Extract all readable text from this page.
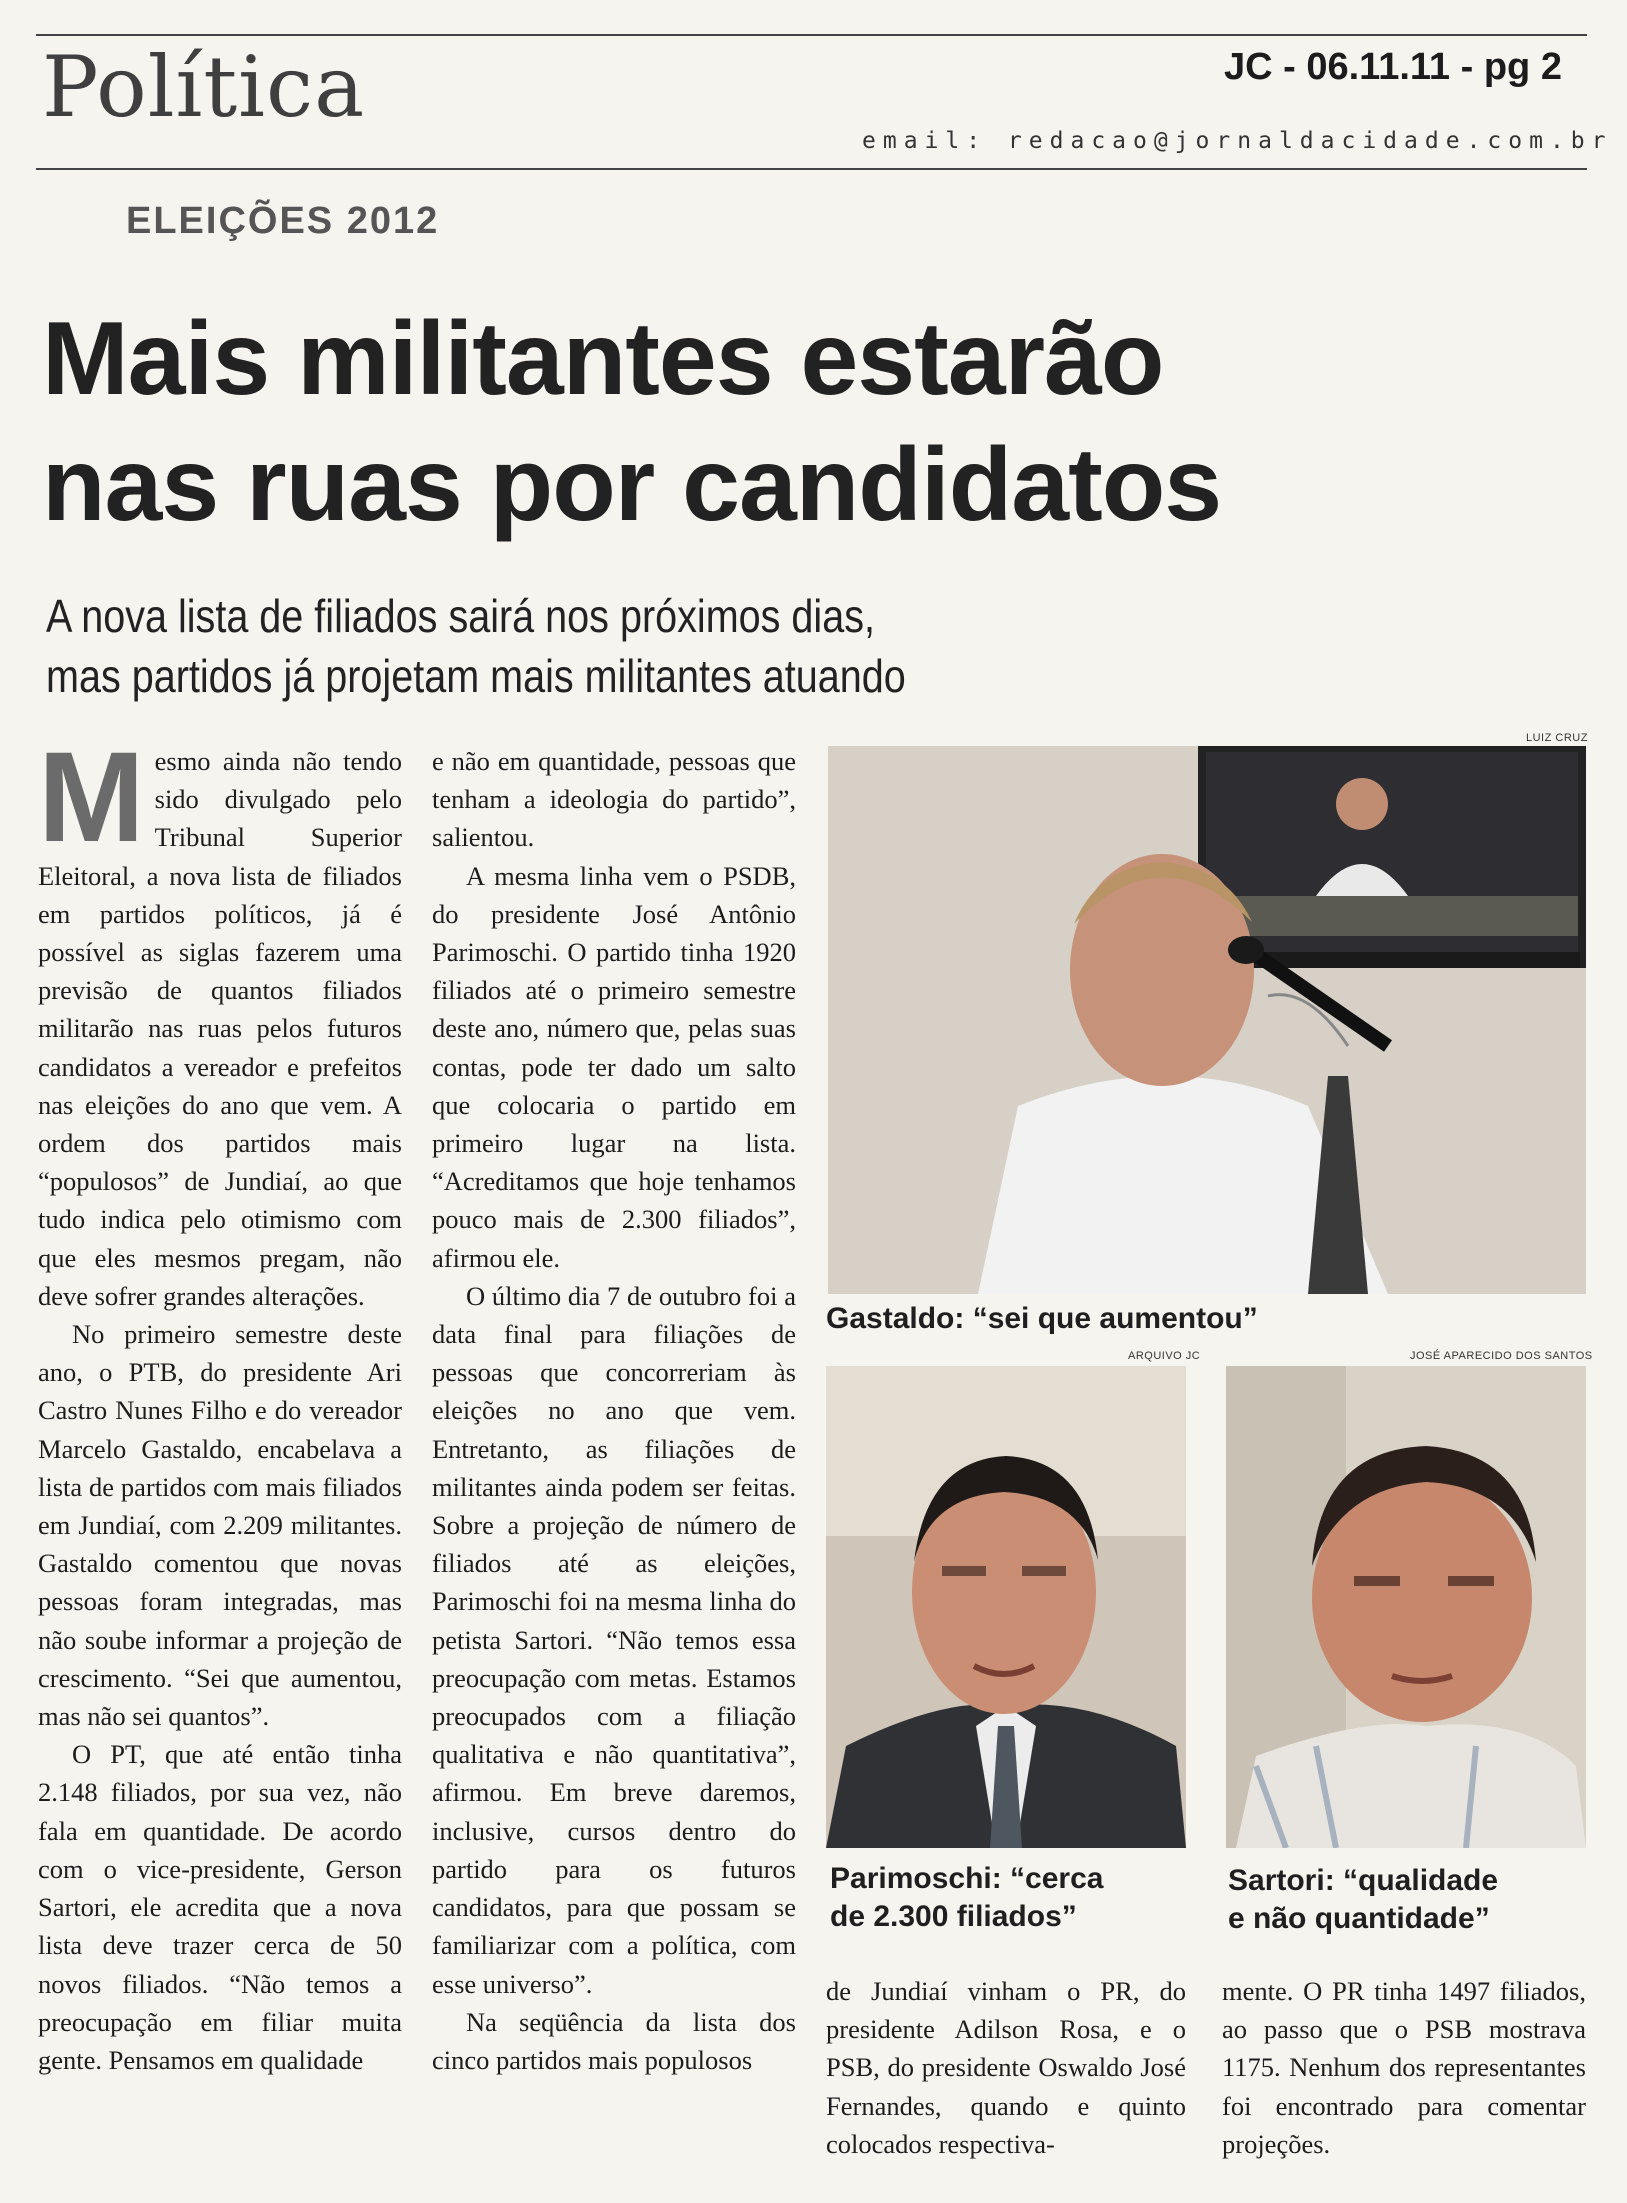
Política	JC - 06.11.11 - pg 2
email: redacao@jornaldacidade.com.br
ELEIÇÕES 2012
Mais militantes estarão
nas ruas por candidatos
A nova lista de filiados sairá nos próximos dias,
mas partidos já projetam mais militantes atuando

Mesmo ainda não tendo sido divulgado pelo Tribunal Superior Eleitoral, a nova lista de filiados em partidos políticos, já é possível as siglas fazerem uma previsão de quantos filiados militarão nas ruas pelos futuros candidatos a vereador e prefeitos nas eleições do ano que vem. A ordem dos partidos mais “populosos” de Jundiaí, ao que tudo indica pelo otimismo com que eles mesmos pregam, não deve sofrer grandes alterações.

No primeiro semestre deste ano, o PTB, do presidente Ari Castro Nunes Filho e do vereador Marcelo Gastaldo, encabelava a lista de partidos com mais filiados em Jundiaí, com 2.209 militantes. Gastaldo comentou que novas pessoas foram integradas, mas não soube informar a projeção de crescimento. “Sei que aumentou, mas não sei quantos”.

O PT, que até então tinha 2.148 filiados, por sua vez, não fala em quantidade. De acordo com o vice-presidente, Gerson Sartori, ele acredita que a nova lista deve trazer cerca de 50 novos filiados. “Não temos a preocupação em filiar muita gente. Pensamos em qualidade

e não em quantidade, pessoas que tenham a ideologia do partido”, salientou.

A mesma linha vem o PSDB, do presidente José Antônio Parimoschi. O partido tinha 1920 filiados até o primeiro semestre deste ano, número que, pelas suas contas, pode ter dado um salto que colocaria o partido em primeiro lugar na lista. “Acreditamos que hoje tenhamos pouco mais de 2.300 filiados”, afirmou ele.

O último dia 7 de outubro foi a data final para filiações de pessoas que concorreriam às eleições no ano que vem. Entretanto, as filiações de militantes ainda podem ser feitas. Sobre a projeção de número de filiados até as eleições, Parimoschi foi na mesma linha do petista Sartori. “Não temos essa preocupação com metas. Estamos preocupados com a filiação qualitativa e não quantitativa”, afirmou. Em breve daremos, inclusive, cursos dentro do partido para os futuros candidatos, para que possam se familiarizar com a política, com esse universo”.

Na seqüência da lista dos cinco partidos mais populosos

LUIZ CRUZ
Gastaldo: “sei que aumentou”
ARQUIVO JC
Parimoschi: “cerca
de 2.300 filiados”
JOSÉ APARECIDO DOS SANTOS
Sartori: “qualidade
e não quantidade”

de Jundiaí vinham o PR, do presidente Adilson Rosa, e o PSB, do presidente Oswaldo José Fernandes, quando e quinto colocados respectiva-

mente. O PR tinha 1497 filiados, ao passo que o PSB mostrava 1175. Nenhum dos representantes foi encontrado para comentar projeções.
